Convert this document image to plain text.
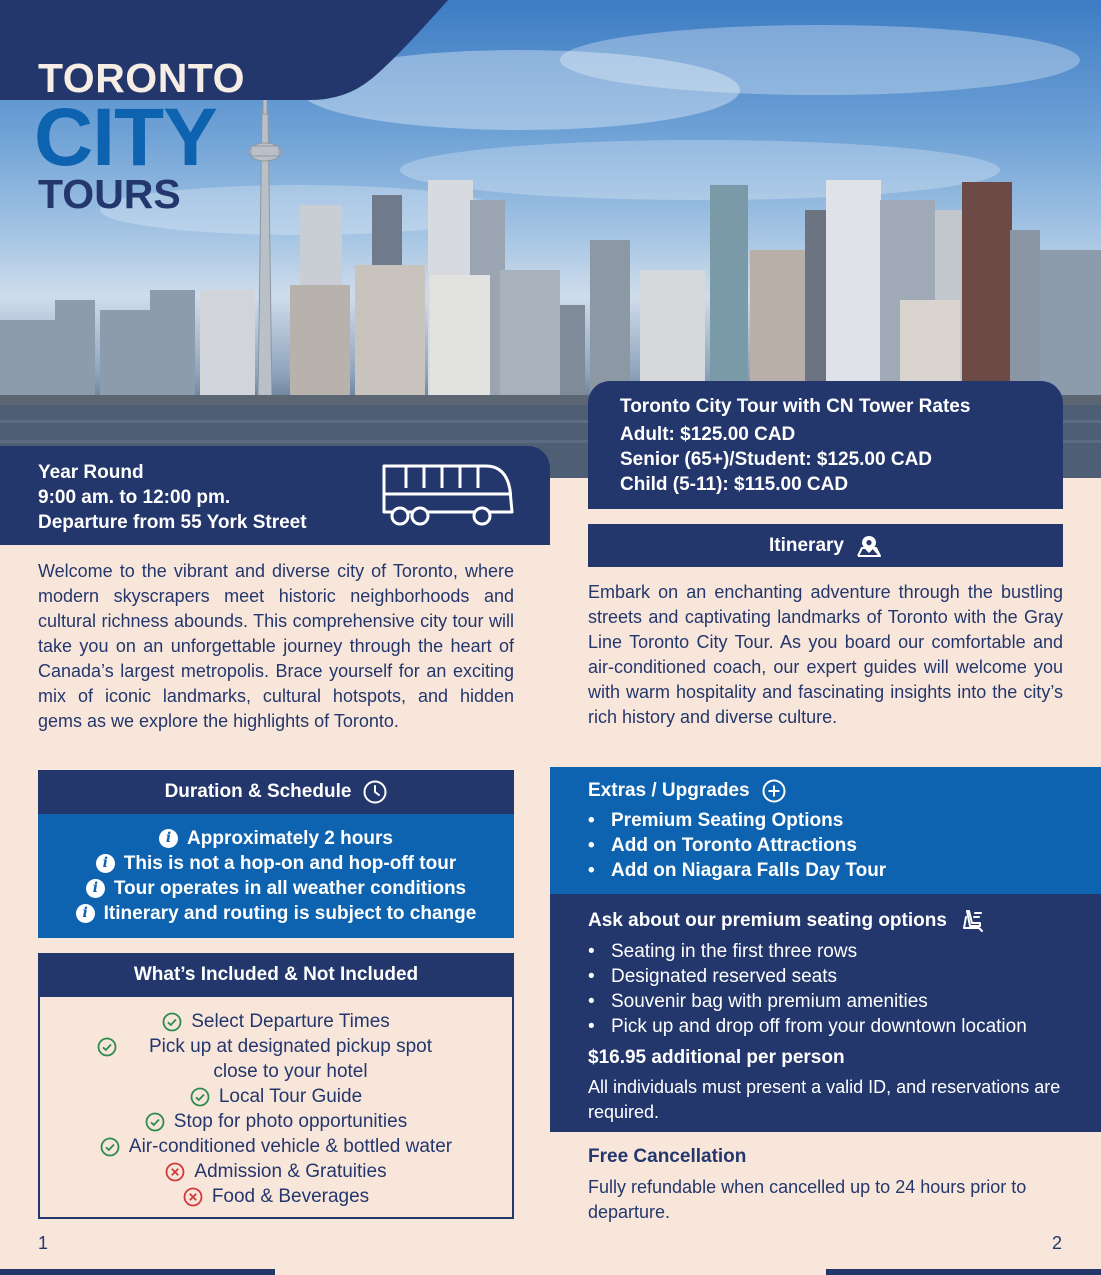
TORONTO
CITY
TOURS
Year Round
9:00 am. to 12:00 pm.
Departure from 55 York Street
Welcome to the vibrant and diverse city of Toronto, where modern skyscrapers meet historic neighborhoods and cultural richness abounds. This comprehensive city tour will take you on an unforgettable journey through the heart of Canada’s largest metropolis. Brace yourself for an exciting mix of iconic landmarks, cultural hotspots, and hidden gems as we explore the highlights of Toronto.
Duration & Schedule
i Approximately 2 hours
i This is not a hop-on and hop-off tour
i Tour operates in all weather conditions
i Itinerary and routing is subject to change
What’s Included & Not Included
Select Departure Times
Pick up at designated pickup spot close to your hotel
Local Tour Guide
Stop for photo opportunities
Air-conditioned vehicle & bottled water
Admission & Gratuities
Food & Beverages
1	2
Toronto City Tour with CN Tower Rates
Adult: $125.00 CAD
Senior (65+)/Student: $125.00 CAD
Child (5-11): $115.00 CAD
Itinerary
Embark on an enchanting adventure through the bustling streets and captivating landmarks of Toronto with the Gray Line Toronto City Tour. As you board our comfortable and air-conditioned coach, our expert guides will welcome you with warm hospitality and fascinating insights into the city’s rich history and diverse culture.
Extras / Upgrades
• Premium Seating Options
• Add on Toronto Attractions
• Add on Niagara Falls Day Tour
Ask about our premium seating options
• Seating in the first three rows
• Designated reserved seats
• Souvenir bag with premium amenities
• Pick up and drop off from your downtown location
$16.95 additional per person
All individuals must present a valid ID, and reservations are required.
Free Cancellation
Fully refundable when cancelled up to 24 hours prior to departure.
